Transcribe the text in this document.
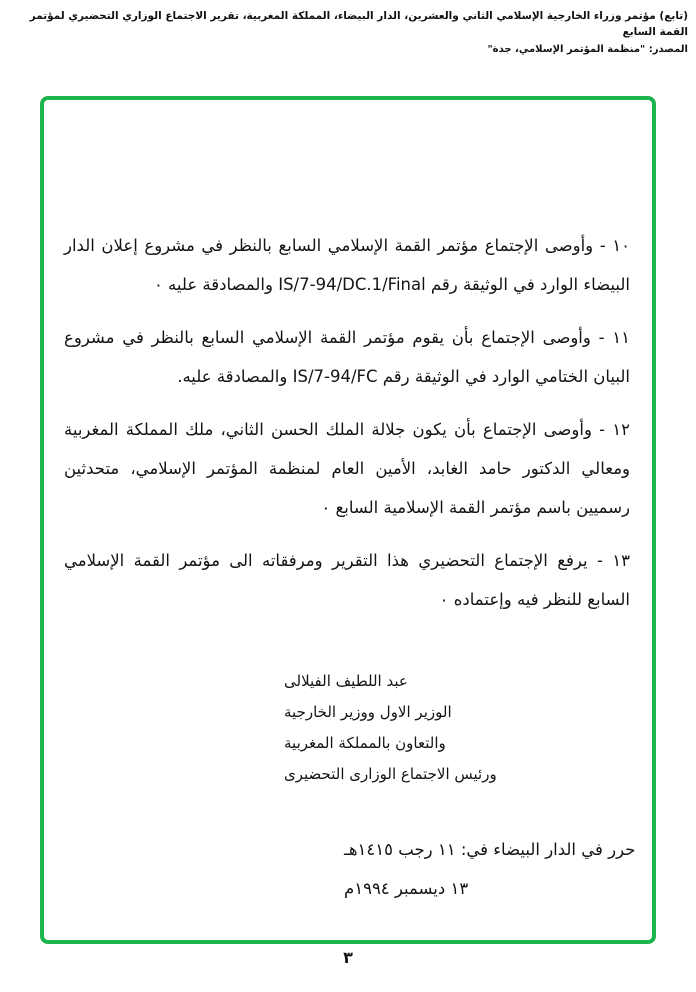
(تابع) مؤتمر وزراء الخارجية الإسلامي الثاني والعشرين، الدار البيضاء، المملكة المغربية، تقرير الاجتماع الوزاري التحضيري لمؤتمر القمة السابع
المصدر: "منظمة المؤتمر الإسلامي، جدة"

١٠ - وأوصى الإجتماع مؤتمر القمة الإسلامي السابع بالنظر في مشروع إعلان الدار البيضاء الوارد في الوثيقة رقم IS/7-94/DC.1/Final والمصادقة عليه ٠

١١ - وأوصى الإجتماع بأن يقوم مؤتمر القمة الإسلامي السابع بالنظر في مشروع البيان الختامي الوارد في الوثيقة رقم IS/7-94/FC والمصادقة عليه.

١٢ - وأوصى الإجتماع بأن يكون جلالة الملك الحسن الثاني، ملك المملكة المغربية ومعالي الدكتور حامد الغابد، الأمين العام لمنظمة المؤتمر الإسلامي، متحدثين رسميين باسم مؤتمر القمة الإسلامية السابع ٠

١٣ - يرفع الإجتماع التحضيري هذا التقرير ومرفقاته الى مؤتمر القمة الإسلامي السابع للنظر فيه وإعتماده ٠

عبد اللطيف الفيلالى
الوزير الاول ووزير الخارجية
والتعاون بالمملكة المغربية
ورئيس الاجتماع الوزارى التحضيرى
حرر في الدار البيضاء في: ١١ رجب ١٤١٥هـ
١٣ ديسمبر ١٩٩٤م
٣
